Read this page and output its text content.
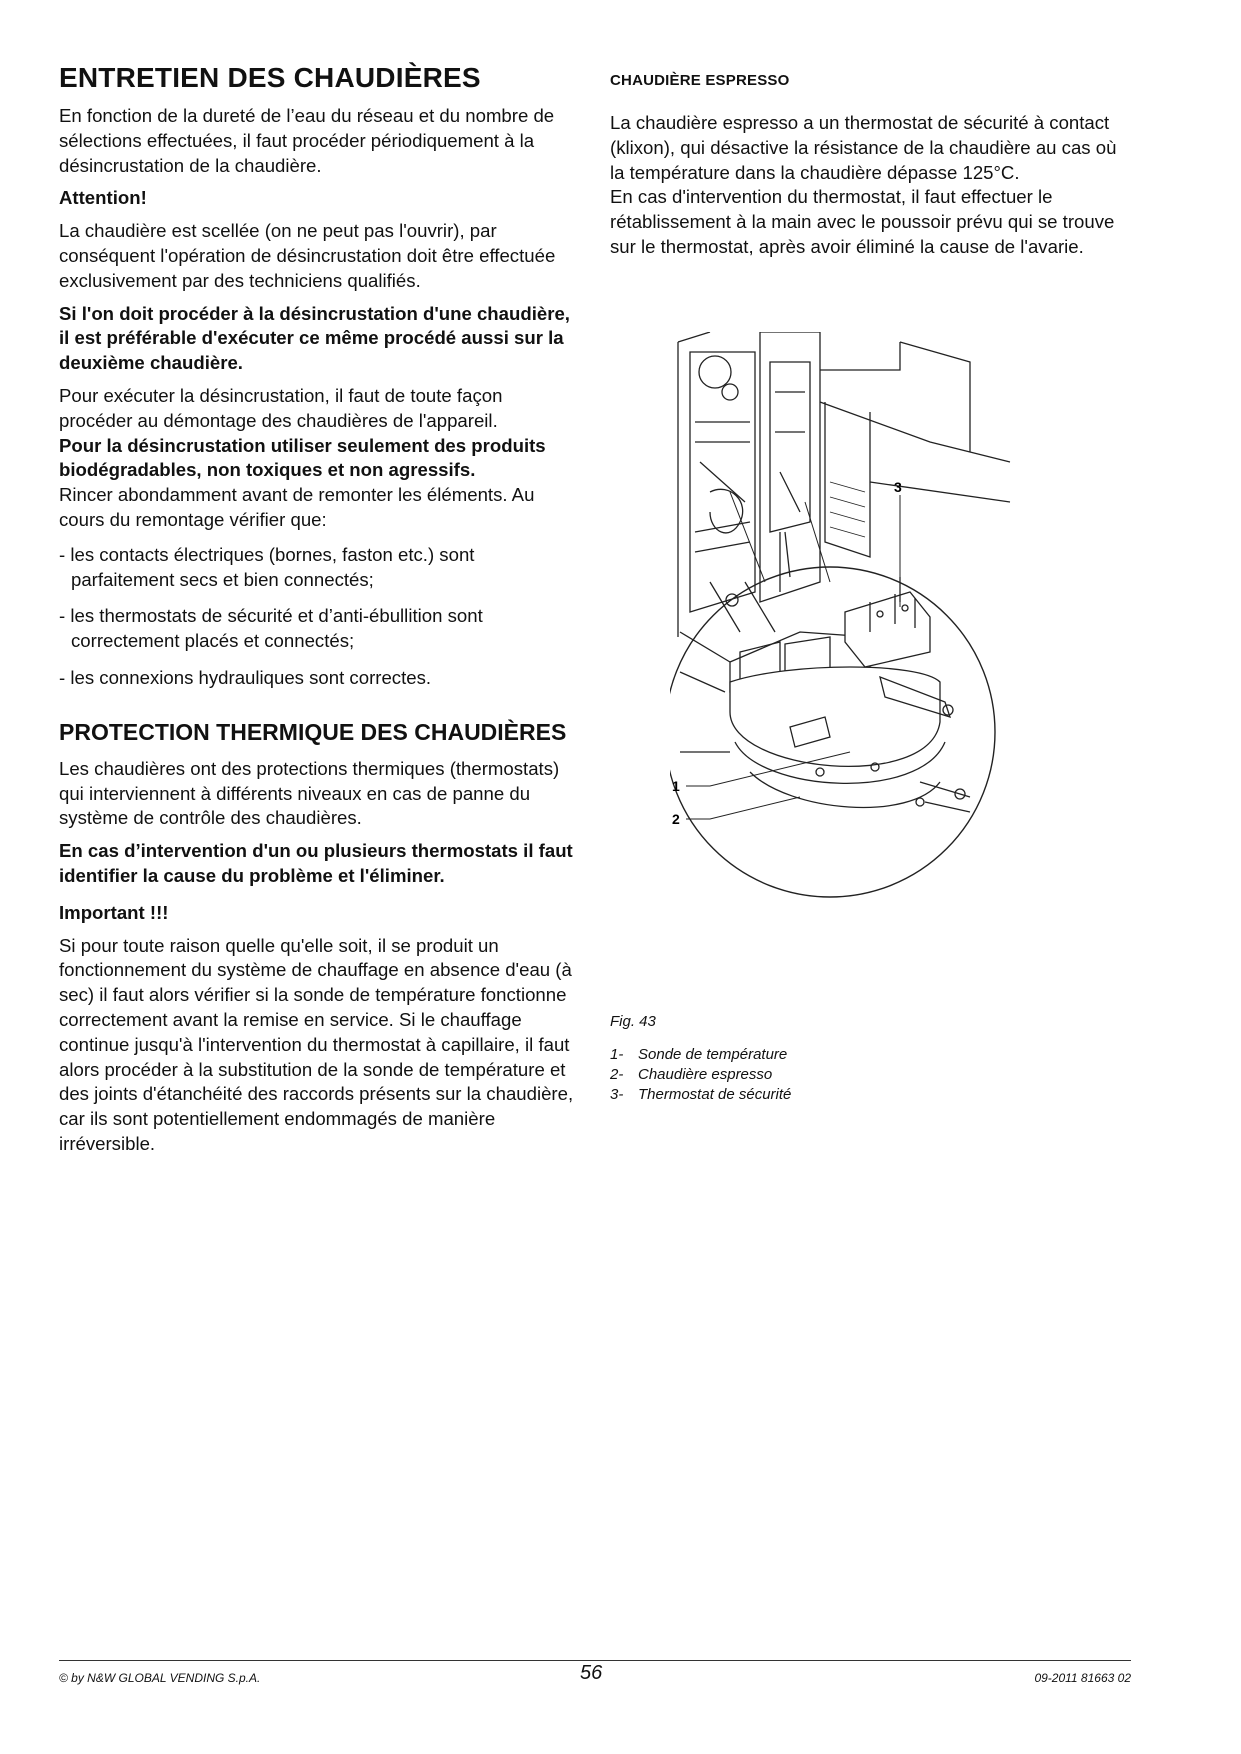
ENTRETIEN DES CHAUDIÈRES

En fonction de la dureté de l’eau du réseau et du nombre de sélections effectuées, il faut procéder périodiquement à la désincrustation de la chaudière.

Attention!

La chaudière est scellée (on ne peut pas l'ouvrir), par conséquent l'opération de désincrustation doit être effectuée exclusivement par des techniciens qualifiés.

Si l'on doit procéder à la désincrustation d'une chaudière, il est préférable d'exécuter ce même procédé aussi sur la deuxième chaudière.

Pour exécuter la désincrustation, il faut de toute façon procéder au démontage des chaudières de l'appareil.

Pour la désincrustation utiliser seulement des produits biodégradables, non toxiques et non agressifs.

Rincer abondamment avant de remonter les éléments. Au cours du remontage vérifier que:

- les contacts électriques (bornes, faston etc.) sont parfaitement secs et bien connectés;
- les thermostats de sécurité et d’anti-ébullition sont correctement placés et connectés;
- les connexions hydrauliques sont correctes.
PROTECTION THERMIQUE DES CHAUDIÈRES

Les chaudières ont des protections thermiques (thermostats) qui interviennent à différents niveaux en cas de panne du système de contrôle des chaudières.

En cas d’intervention d'un ou plusieurs thermostats il faut identifier la cause du problème et l'éliminer.

Important !!!

Si pour toute raison quelle qu'elle soit, il se produit un fonctionnement du système de chauffage en absence d'eau (à sec) il faut alors vérifier si la sonde de température fonctionne correctement avant la remise en service. Si le chauffage continue jusqu'à l'intervention du thermostat à capillaire, il faut alors procéder à la substitution de la sonde de température et des joints d'étanchéité des raccords présents sur la chaudière, car ils sont potentiellement endommagés de manière irréversible.

CHAUDIÈRE ESPRESSO

La chaudière espresso a un thermostat de sécurité à contact (klixon), qui désactive la résistance de la chaudière au cas où la température dans la chaudière dépasse 125°C.

En cas d'intervention du thermostat, il faut effectuer le rétablissement à la main avec le poussoir prévu qui se trouve sur le thermostat, après avoir éliminé la cause de l'avarie.

1
2
3
Fig. 43
1- Sonde de température
2- Chaudière espresso
3- Thermostat de sécurité
© by N&W GLOBAL VENDING S.p.A.	56	09-2011 81663 02
